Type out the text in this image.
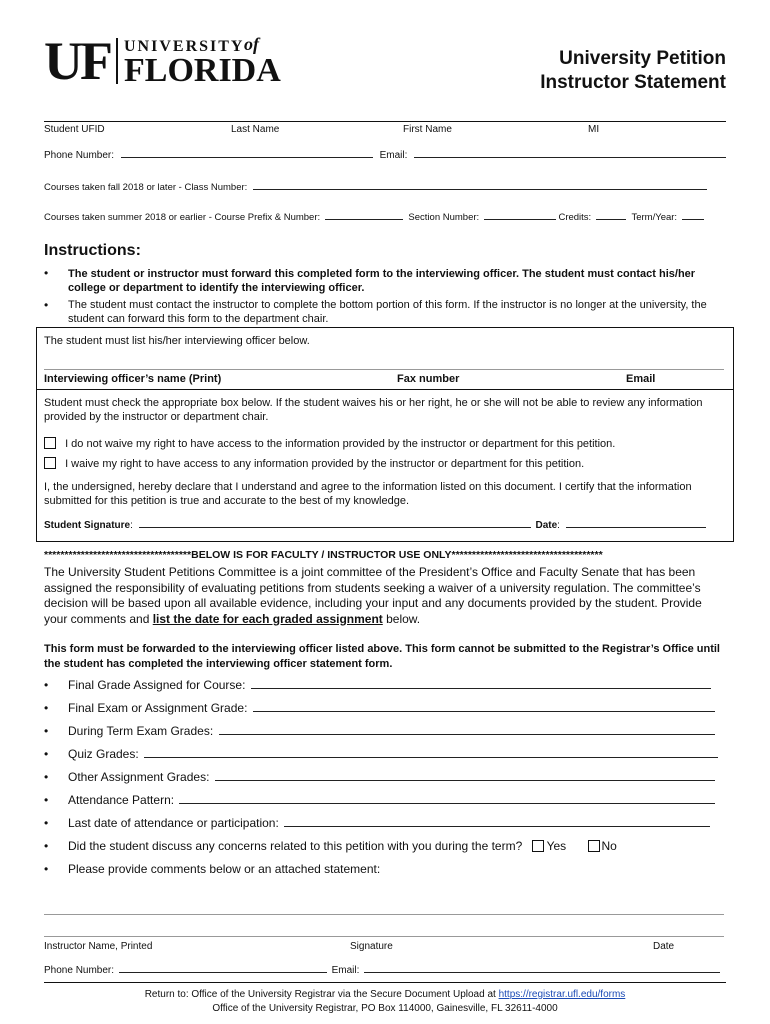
UF UNIVERSITY of
FLORIDA	University Petition
Instructor Statement
Student UFID	Last Name	First Name	MI
Phone Number:	Email:
Courses taken fall 2018 or later - Class Number:
Courses taken summer 2018 or earlier - Course Prefix & Number:	Section Number:	Credits:	Term/Year:
Instructions:
• The student or instructor must forward this completed form to the interviewing officer. The student must contact his/her college or department to identify the interviewing officer.
• The student must contact the instructor to complete the bottom portion of this form. If the instructor is no longer at the university, the student can forward this form to the department chair.
The student must list his/her interviewing officer below.
Interviewing officer’s name (Print)	Fax number	Email
Student must check the appropriate box below. If the student waives his or her right, he or she will not be able to review any information provided by the instructor or department chair.
I do not waive my right to have access to the information provided by the instructor or department for this petition.
I waive my right to have access to any information provided by the instructor or department for this petition.
I, the undersigned, hereby declare that I understand and agree to the information listed on this document. I certify that the information submitted for this petition is true and accurate to the best of my knowledge.
Student Signature:	Date:
************************************BELOW IS FOR FACULTY / INSTRUCTOR USE ONLY*************************************
The University Student Petitions Committee is a joint committee of the President’s Office and Faculty Senate that has been assigned the responsibility of evaluating petitions from students seeking a waiver of a university regulation. The committee’s decision will be based upon all available evidence, including your input and any documents provided by the student. Provide your comments and list the date for each graded assignment below.
This form must be forwarded to the interviewing officer listed above. This form cannot be submitted to the Registrar’s Office until the student has completed the interviewing officer statement form.
• Final Grade Assigned for Course:
• Final Exam or Assignment Grade:
• During Term Exam Grades:
• Quiz Grades:
• Other Assignment Grades:
• Attendance Pattern:
• Last date of attendance or participation:
• Did the student discuss any concerns related to this petition with you during the term? Yes	No
• Please provide comments below or an attached statement:
Instructor Name, Printed	Signature	Date
Phone Number:	Email:
Return to: Office of the University Registrar via the Secure Document Upload at https://registrar.ufl.edu/forms
Office of the University Registrar, PO Box 114000, Gainesville, FL 32611-4000
